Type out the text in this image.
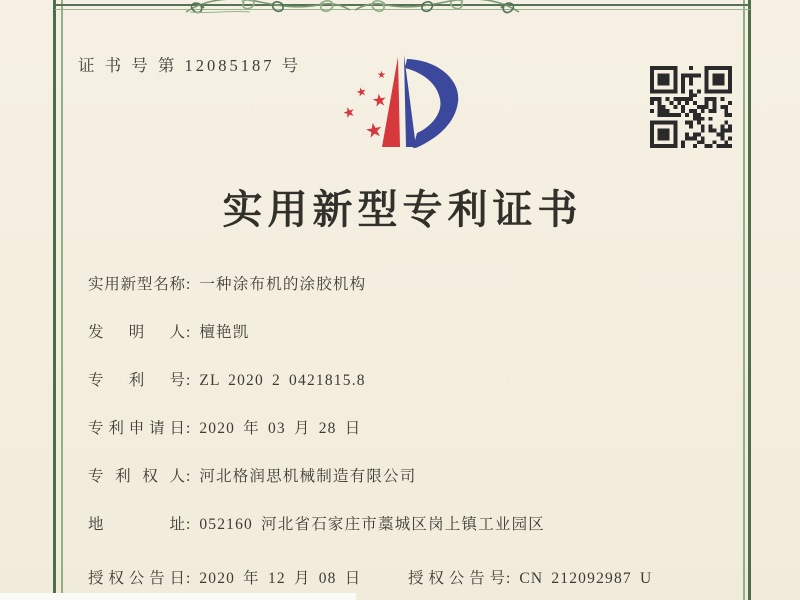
证 书 号 第 12085187 号
★
★ ★
★
★
实用新型专利证书
实用新型名称: 一种涂布机的涂胶机构
发明人: 檀艳凯
专利号: ZL 2020 2 0421815.8
专利申请日: 2020 年 03 月 28 日
专利权人: 河北格润思机械制造有限公司
地址: 052160 河北省石家庄市藁城区岗上镇工业园区
授权公告日: 2020 年 12 月 08 日	授权公告号: CN 212092987 U
